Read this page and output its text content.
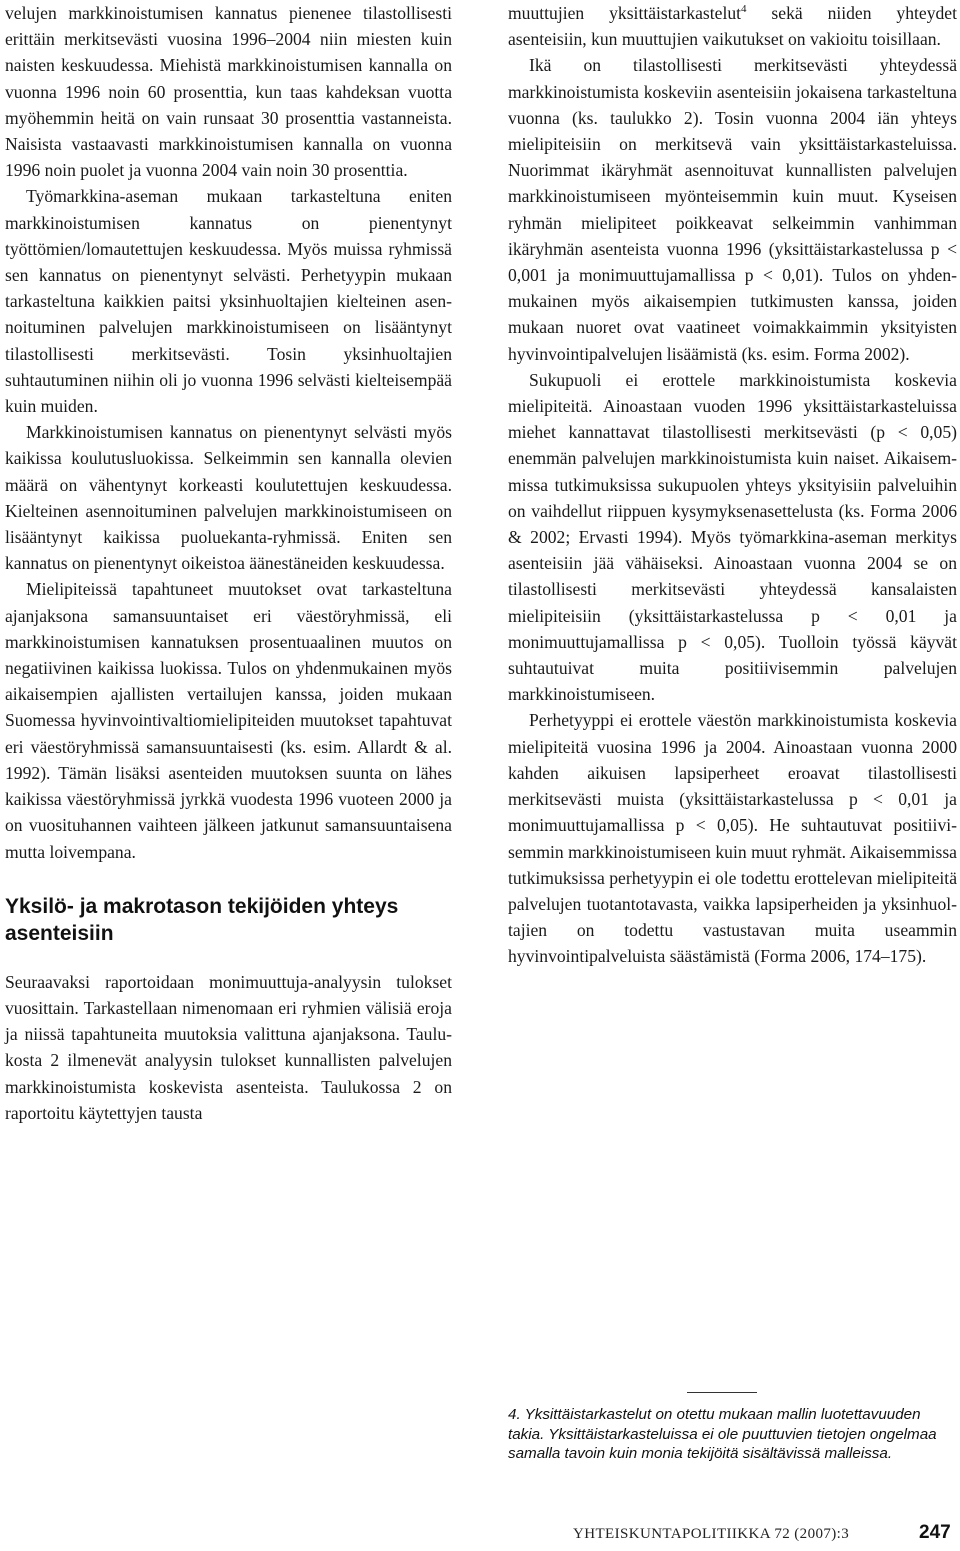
velujen markkinoistumisen kannatus pienenee tilastollisesti erittäin merkitsevästi vuosina 1996–2004 niin miesten kuin naisten keskuudessa. Miehistä markkinoistumisen kannalla on vuonna 1996 noin 60 prosenttia, kun taas kahdeksan vuotta myöhemmin heitä on vain runsaat 30 prosenttia vastanneista. Naisista vastaavasti markkinoistumisen kannalla on vuonna 1996 noin puolet ja vuonna 2004 vain noin 30 prosenttia.

Työmarkkina-aseman mukaan tarkasteltuna eniten markkinoistumisen kannatus on pienentynyt työttömien/lomautettujen keskuudessa. Myös muissa ryhmissä sen kannatus on pienentynyt selvästi. Perhetyypin mukaan tarkasteltuna kaikkien paitsi yksinhuoltajien kielteinen asennoituminen palvelujen markkinoistumiseen on lisääntynyt tilastollisesti merkitsevästi. Tosin yksinhuoltajien suhtautuminen niihin oli jo vuonna 1996 selvästi kielteisempää kuin muiden.

Markkinoistumisen kannatus on pienentynyt selvästi myös kaikissa koulutusluokissa. Selkeimmin sen kannalla olevien määrä on vähentynyt korkeasti koulutettujen keskuudessa. Kielteinen asennoituminen palvelujen markkinoistumiseen on lisääntynyt kaikissa puoluekanta-ryhmissä. Eniten sen kannatus on pienentynyt oikeistoa äänestäneiden keskuudessa.

Mielipiteissä tapahtuneet muutokset ovat tarkasteltuna ajanjaksona samansuuntaiset eri väestöryhmissä, eli markkinoistumisen kannatuksen prosentuaalinen muutos on negatiivinen kaikissa luokissa. Tulos on yhdenmukainen myös aikaisempien ajallisten vertailujen kanssa, joiden mukaan Suomessa hyvinvointivaltiomielipiteiden muutokset tapahtuvat eri väestöryhmissä samansuuntaisesti (ks. esim. Allardt & al. 1992). Tämän lisäksi asenteiden muutoksen suunta on lähes kaikissa väestöryhmissä jyrkkä vuodesta 1996 vuoteen 2000 ja on vuosituhannen vaihteen jälkeen jatkunut samansuuntaisena mutta loivempana.

Yksilö- ja makrotason tekijöiden yhteys asenteisiin

Seuraavaksi raportoidaan monimuuttuja-analyysin tulokset vuosittain. Tarkastellaan nimenomaan eri ryhmien välisiä eroja ja niissä tapahtuneita muutoksia valittuna ajanjaksona. Taulukosta 2 ilmenevät analyysin tulokset kunnallisten palvelujen markkinoistumista koskevista asenteista. Taulukossa 2 on raportoitu käytettyjen tausta

muuttujien yksittäistarkastelut$^4$ sekä niiden yhteydet asenteisiin, kun muuttujien vaikutukset on vakioitu toisillaan.

Ikä on tilastollisesti merkitsevästi yhteydessä markkinoistumista koskeviin asenteisiin jokaisena tarkasteltuna vuonna (ks. taulukko 2). Tosin vuonna 2004 iän yhteys mielipiteisiin on merkitsevä vain yksittäistarkasteluissa. Nuorimmat ikäryhmät asennoituvat kunnallisten palvelujen markkinoistumiseen myönteisemmin kuin muut. Kyseisen ryhmän mielipiteet poikkeavat selkeimmin vanhimman ikäryhmän asenteista vuonna 1996 (yksittäistarkastelussa p < 0,001 ja monimuuttujamallissa p < 0,01). Tulos on yhdenmukainen myös aikaisempien tutkimusten kanssa, joiden mukaan nuoret ovat vaatineet voimakkaimmin yksityisten hyvinvointipalvelujen lisäämistä (ks. esim. Forma 2002).

Sukupuoli ei erottele markkinoistumista koskevia mielipiteitä. Ainoastaan vuoden 1996 yksittäistarkasteluissa miehet kannattavat tilastollisesti merkitsevästi (p < 0,05) enemmän palvelujen markkinoistumista kuin naiset. Aikaisemmissa tutkimuksissa sukupuolen yhteys yksityisiin palveluihin on vaihdellut riippuen kysymyksenasettelusta (ks. Forma 2006 & 2002; Ervasti 1994). Myös työmarkkina-aseman merkitys asenteisiin jää vähäiseksi. Ainoastaan vuonna 2004 se on tilastollisesti merkitsevästi yhteydessä kansalaisten mielipiteisiin (yksittäistarkastelussa p < 0,01 ja monimuuttujamallissa p < 0,05). Tuolloin työssä käyvät suhtautuivat muita positiivisemmin palvelujen markkinoistumiseen.

Perhetyyppi ei erottele väestön markkinoistumista koskevia mielipiteitä vuosina 1996 ja 2004. Ainoastaan vuonna 2000 kahden aikuisen lapsiperheet eroavat tilastollisesti merkitsevästi muista (yksittäistarkastelussa p < 0,01 ja monimuuttujamallissa p < 0,05). He suhtautuvat positiivisemmin markkinoistumiseen kuin muut ryhmät. Aikaisemmissa tutkimuksissa perhetyypin ei ole todettu erottelevan mielipiteitä palvelujen tuotantotavasta, vaikka lapsiperheiden ja yksinhuoltajien on todettu vastustavan muita useammin hyvinvointipalveluista säästämistä (Forma 2006, 174–175).

4. Yksittäistarkastelut on otettu mukaan mallin luotettavuuden takia. Yksittäistarkasteluissa ei ole puuttuvien tietojen ongelmaa samalla tavoin kuin monia tekijöitä sisältävissä malleissa.
YHTEISKUNTAPOLITIIKKA 72 (2007):3	247
